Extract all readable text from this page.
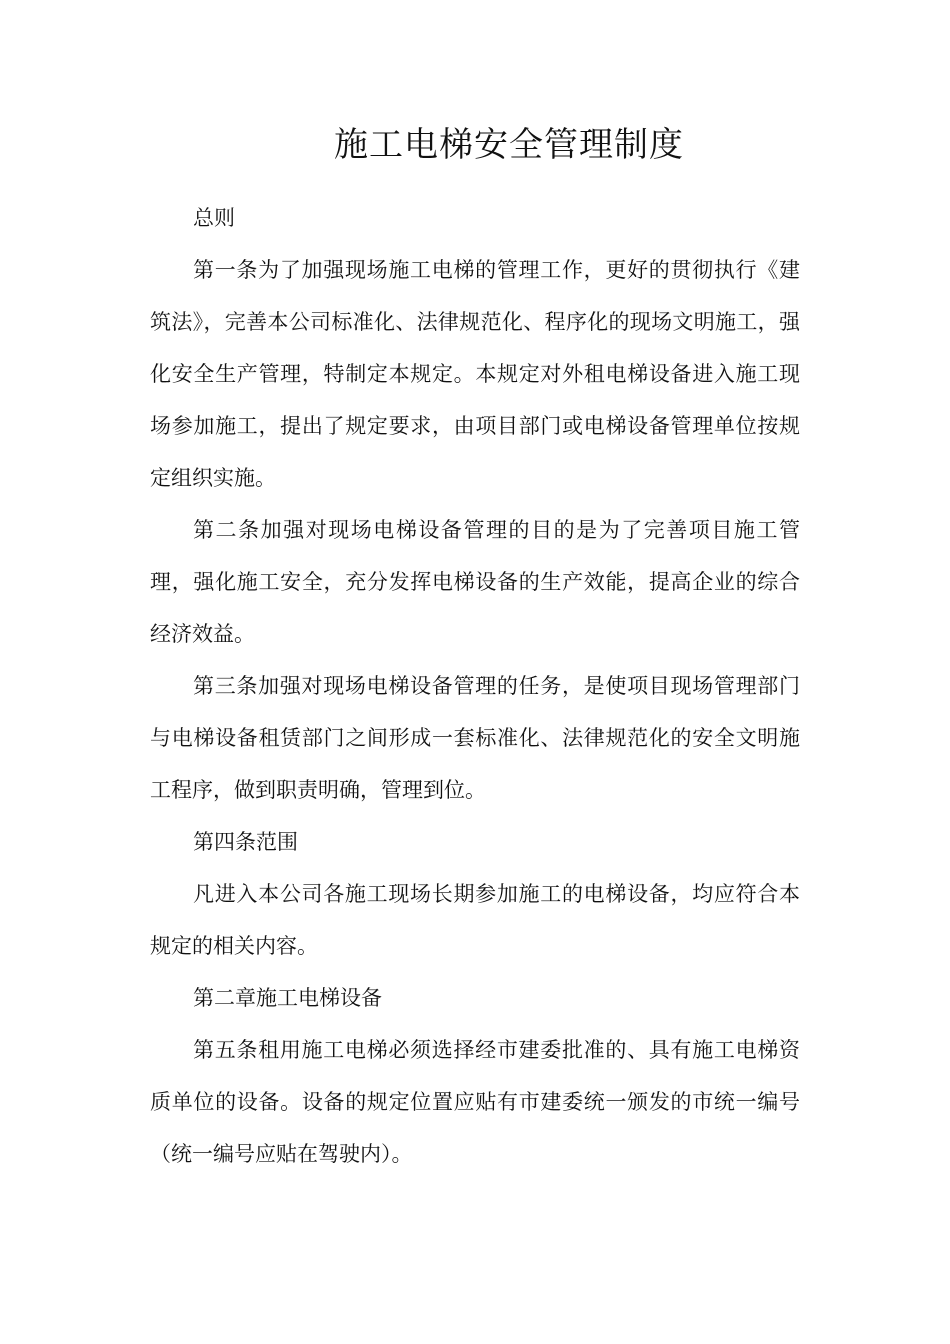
施工电梯安全管理制度

总则

第一条为了加强现场施工电梯的管理工作，更好的贯彻执行《建筑法》，完善本公司标准化、法律规范化、程序化的现场文明施工，强化安全生产管理，特制定本规定。本规定对外租电梯设备进入施工现场参加施工，提出了规定要求，由项目部门或电梯设备管理单位按规定组织实施。

第二条加强对现场电梯设备管理的目的是为了完善项目施工管理，强化施工安全，充分发挥电梯设备的生产效能，提高企业的综合经济效益。

第三条加强对现场电梯设备管理的任务，是使项目现场管理部门与电梯设备租赁部门之间形成一套标准化、法律规范化的安全文明施工程序，做到职责明确，管理到位。

第四条范围

凡进入本公司各施工现场长期参加施工的电梯设备，均应符合本规定的相关内容。

第二章施工电梯设备

第五条租用施工电梯必须选择经市建委批准的、具有施工电梯资质单位的设备。设备的规定位置应贴有市建委统一颁发的市统一编号（统一编号应贴在驾驶内）。
